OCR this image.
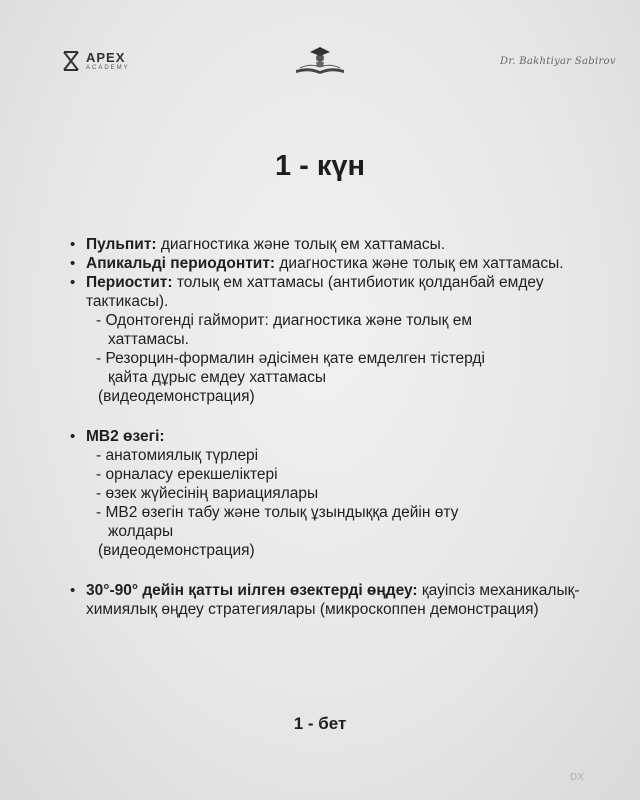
APEX
ACADEMY
Dr. Bakhtiyar Sabirov
1 - күн
• Пульпит: диагностика және толық ем хаттамасы.
• Апикальді периодонтит: диагностика және толық ем хаттамасы.
• Периостит: толық ем хаттамасы (антибиотик қолданбай емдеу тактикасы).
- Одонтогенді гайморит: диагностика және толық ем
хаттамасы.
- Резорцин-формалин әдісімен қате емделген тістерді
қайта дұрыс емдеу хаттамасы
(видеодемонстрация)
• MB2 өзегі:
- анатомиялық түрлері
- орналасу ерекшеліктері
- өзек жүйесінің вариациялары
- MB2 өзегін табу және толық ұзындыққа дейін өту
жолдары
(видеодемонстрация)
• 30°-90° дейін қатты иілген өзектерді өңдеу: қауіпсіз механикалық-химиялық өңдеу стратегиялары (микроскоппен демонстрация)
1 - бет
DX
